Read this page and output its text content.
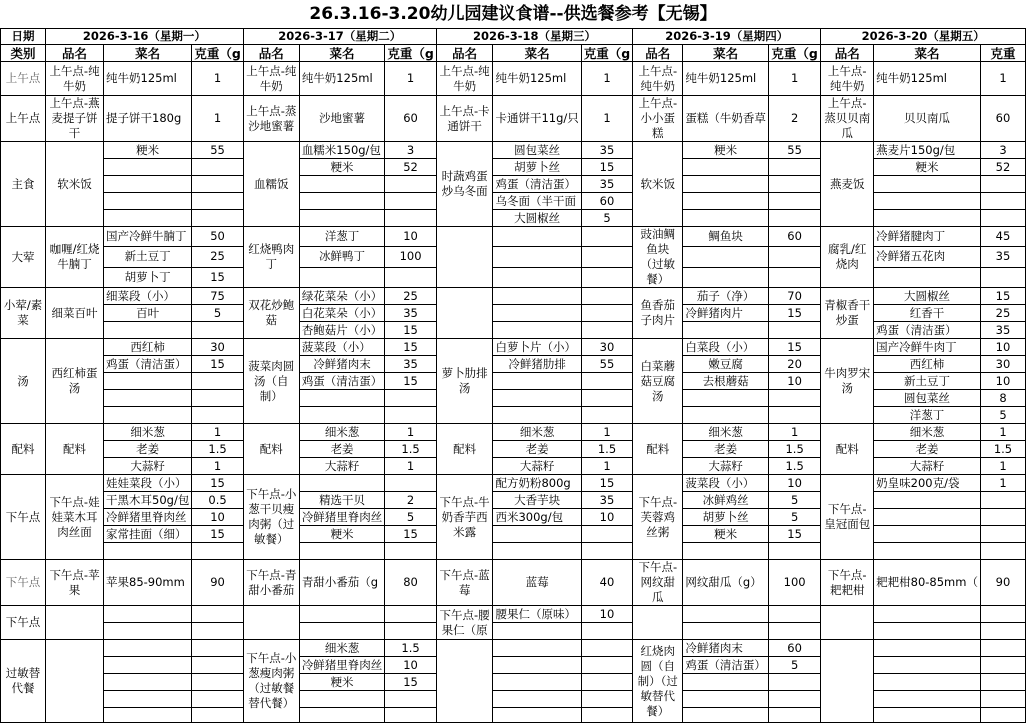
26.3.16-3.20幼儿园建议食谱--供选餐参考【无锡】
日期	2026-3-16（星期一）			2026-3-17（星期二）			2026-3-18（星期三）			2026-3-19（星期四）			2026-3-20（星期五）		
类别	品名	菜名	克重（g	品名	菜名	克重（g	品名	菜名	克重（g	品名	菜名	克重（g	品名	菜名	克重
上午点	上午点-纯牛奶	纯牛奶125ml	1	上午点-纯牛奶	纯牛奶125ml	1	上午点-纯牛奶	纯牛奶125ml	1	上午点-纯牛奶	纯牛奶125ml	1	上午点-纯牛奶	纯牛奶125ml	1
上午点	上午点-燕麦提子饼干	提子饼干180g	1	上午点-蒸沙地蜜薯	沙地蜜薯	60	上午点-卡通饼干	卡通饼干11g/只	1	上午点-小小蛋糕	蛋糕（牛奶香草	2	上午点-蒸贝贝南瓜	贝贝南瓜	60
主食	软米饭	粳米	55	血糯饭	血糯米150g/包	3	时蔬鸡蛋炒乌冬面	圆包菜丝	35	软米饭	粳米	55	燕麦饭	燕麦片150g/包	3
					粳米	52		胡萝卜丝	15					粳米	52
								鸡蛋（清洁蛋）	35						
								乌冬面（半干面	60						
								大圆椒丝	5						
大荤	咖喱/红烧牛腩丁	国产冷鲜牛腩丁	50	红烧鸭肉丁	洋葱丁	10				豉油鲷鱼块（过敏餐）	鲷鱼块	60	腐乳/红烧肉	冷鲜猪腱肉丁	45
		新土豆丁	25		冰鲜鸭丁	100								冷鲜猪五花肉	35
		胡萝卜丁	15												
小荤/素菜	细菜百叶	细菜段（小）	75	双花炒鲍菇	绿花菜朵（小）	25				鱼香茄子肉片	茄子（净）	70	青椒香干炒蛋	大圆椒丝	15
		百叶	5		白花菜朵（小）	35					冷鲜猪肉片	15		红香干	25
					杏鲍菇片（小）	15								鸡蛋（清洁蛋）	35
汤	西红柿蛋汤	西红柿	30	菠菜肉圆汤（自制）	菠菜段（小）	15	萝卜肋排汤	白萝卜片（小）	30	白菜蘑菇豆腐汤	白菜段（小）	15	牛肉罗宋汤	国产冷鲜牛肉丁	10
		鸡蛋（清洁蛋）	15		冷鲜猪肉末	35		冷鲜猪肋排	55		嫩豆腐	20		西红柿	30
					鸡蛋（清洁蛋）	15					去根蘑菇	10		新土豆丁	10
														圆包菜丝	8
														洋葱丁	5
配料	配料	细米葱	1	配料	细米葱	1	配料	细米葱	1	配料	细米葱	1	配料	细米葱	1
		老姜	1.5		老姜	1.5		老姜	1.5		老姜	1.5		老姜	1.5
		大蒜籽	1		大蒜籽	1		大蒜籽	1		大蒜籽	1.5		大蒜籽	1
下午点	下午点-娃娃菜木耳肉丝面	娃娃菜段（小）	15	下午点-小葱干贝瘦肉粥（过敏餐）			下午点-牛奶香芋西米露	配方奶粉800g	15	下午点-芙蓉鸡丝粥	菠菜段（小）	10	下午点-皇冠面包	奶皇味200克/袋	1
		干黑木耳50g/包	0.5		精选干贝	2		大香芋块	35		冰鲜鸡丝	5			
		冷鲜猪里脊肉丝	10		冷鲜猪里脊肉丝	5		西米300g/包	10		胡萝卜丝	5			
		家常挂面（细）	15		粳米	15					粳米	15			

下午点	下午点-苹果	苹果85-90mm	90	下午点-青甜小番茄	青甜小番茄（g	80	下午点-蓝莓	蓝莓	40	下午点-网纹甜瓜	网纹甜瓜（g）	100	下午点-耙耙柑	耙耙柑80-85mm（	90
下午点							下午点-腰果仁（原	腰果仁（原味）	10						

过敏替代餐				下午点-小葱瘦肉粥（过敏餐替代餐）	细米葱	1.5				红烧肉圆（自制）（过敏替代餐）	冷鲜猪肉末	60			
					冷鲜猪里脊肉丝	10					鸡蛋（清洁蛋）	5			
					粳米	15									
